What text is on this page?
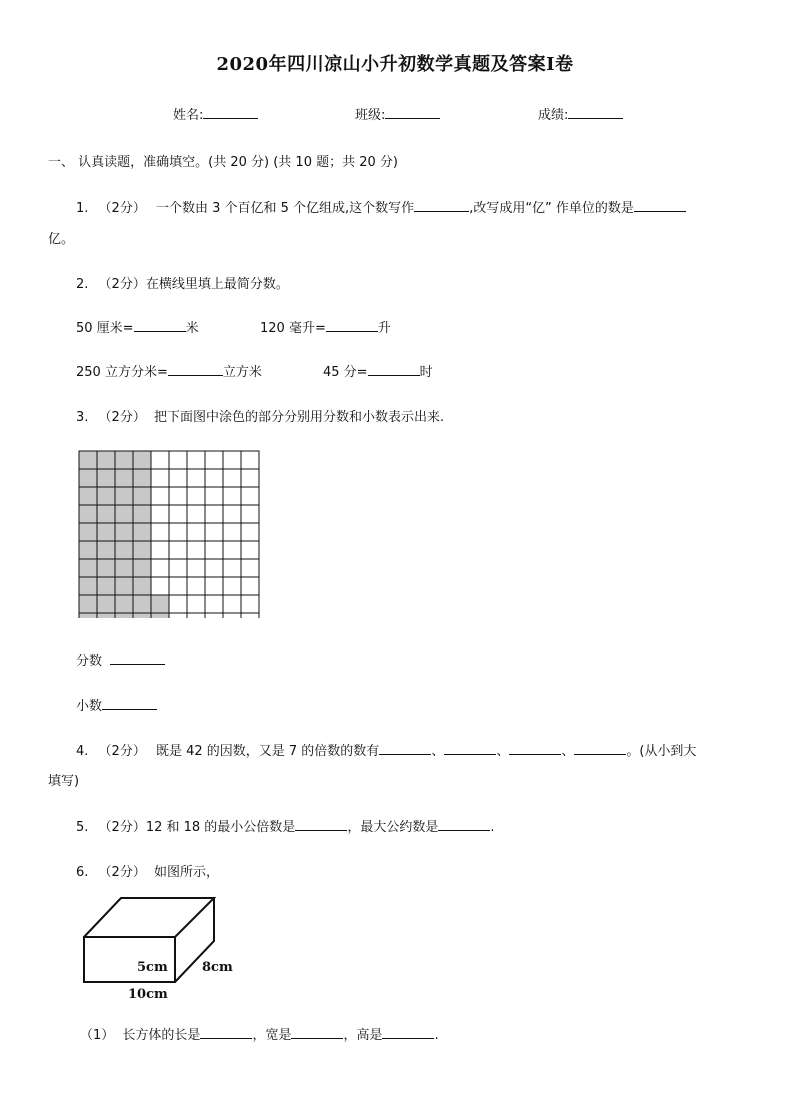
2020年四川凉山小升初数学真题及答案Ⅰ卷
姓名:	班级:	成绩:
一、 认真读题，准确填空。(共 20 分) (共 10 题；共 20 分)
1. （2分） 一个数由 3 个百亿和 5 个亿组成,这个数写作	,改写成用“亿” 作单位的数是
亿。
2. （2分）在横线里填上最简分数。
50 厘米=	米	120 毫升=	升
250 立方分米=	立方米	45 分=	时
3. （2分） 把下面图中涂色的部分分别用分数和小数表示出来.
分数
小数
4. （2分） 既是 42 的因数，又是 7 的倍数的数有	、	、	、	。(从小到大
填写)
5. （2分）12 和 18 的最小公倍数是	，最大公约数是	.
6. （2分） 如图所示，
5cm	8cm
10cm
（1） 长方体的长是	，宽是	，高是	.
